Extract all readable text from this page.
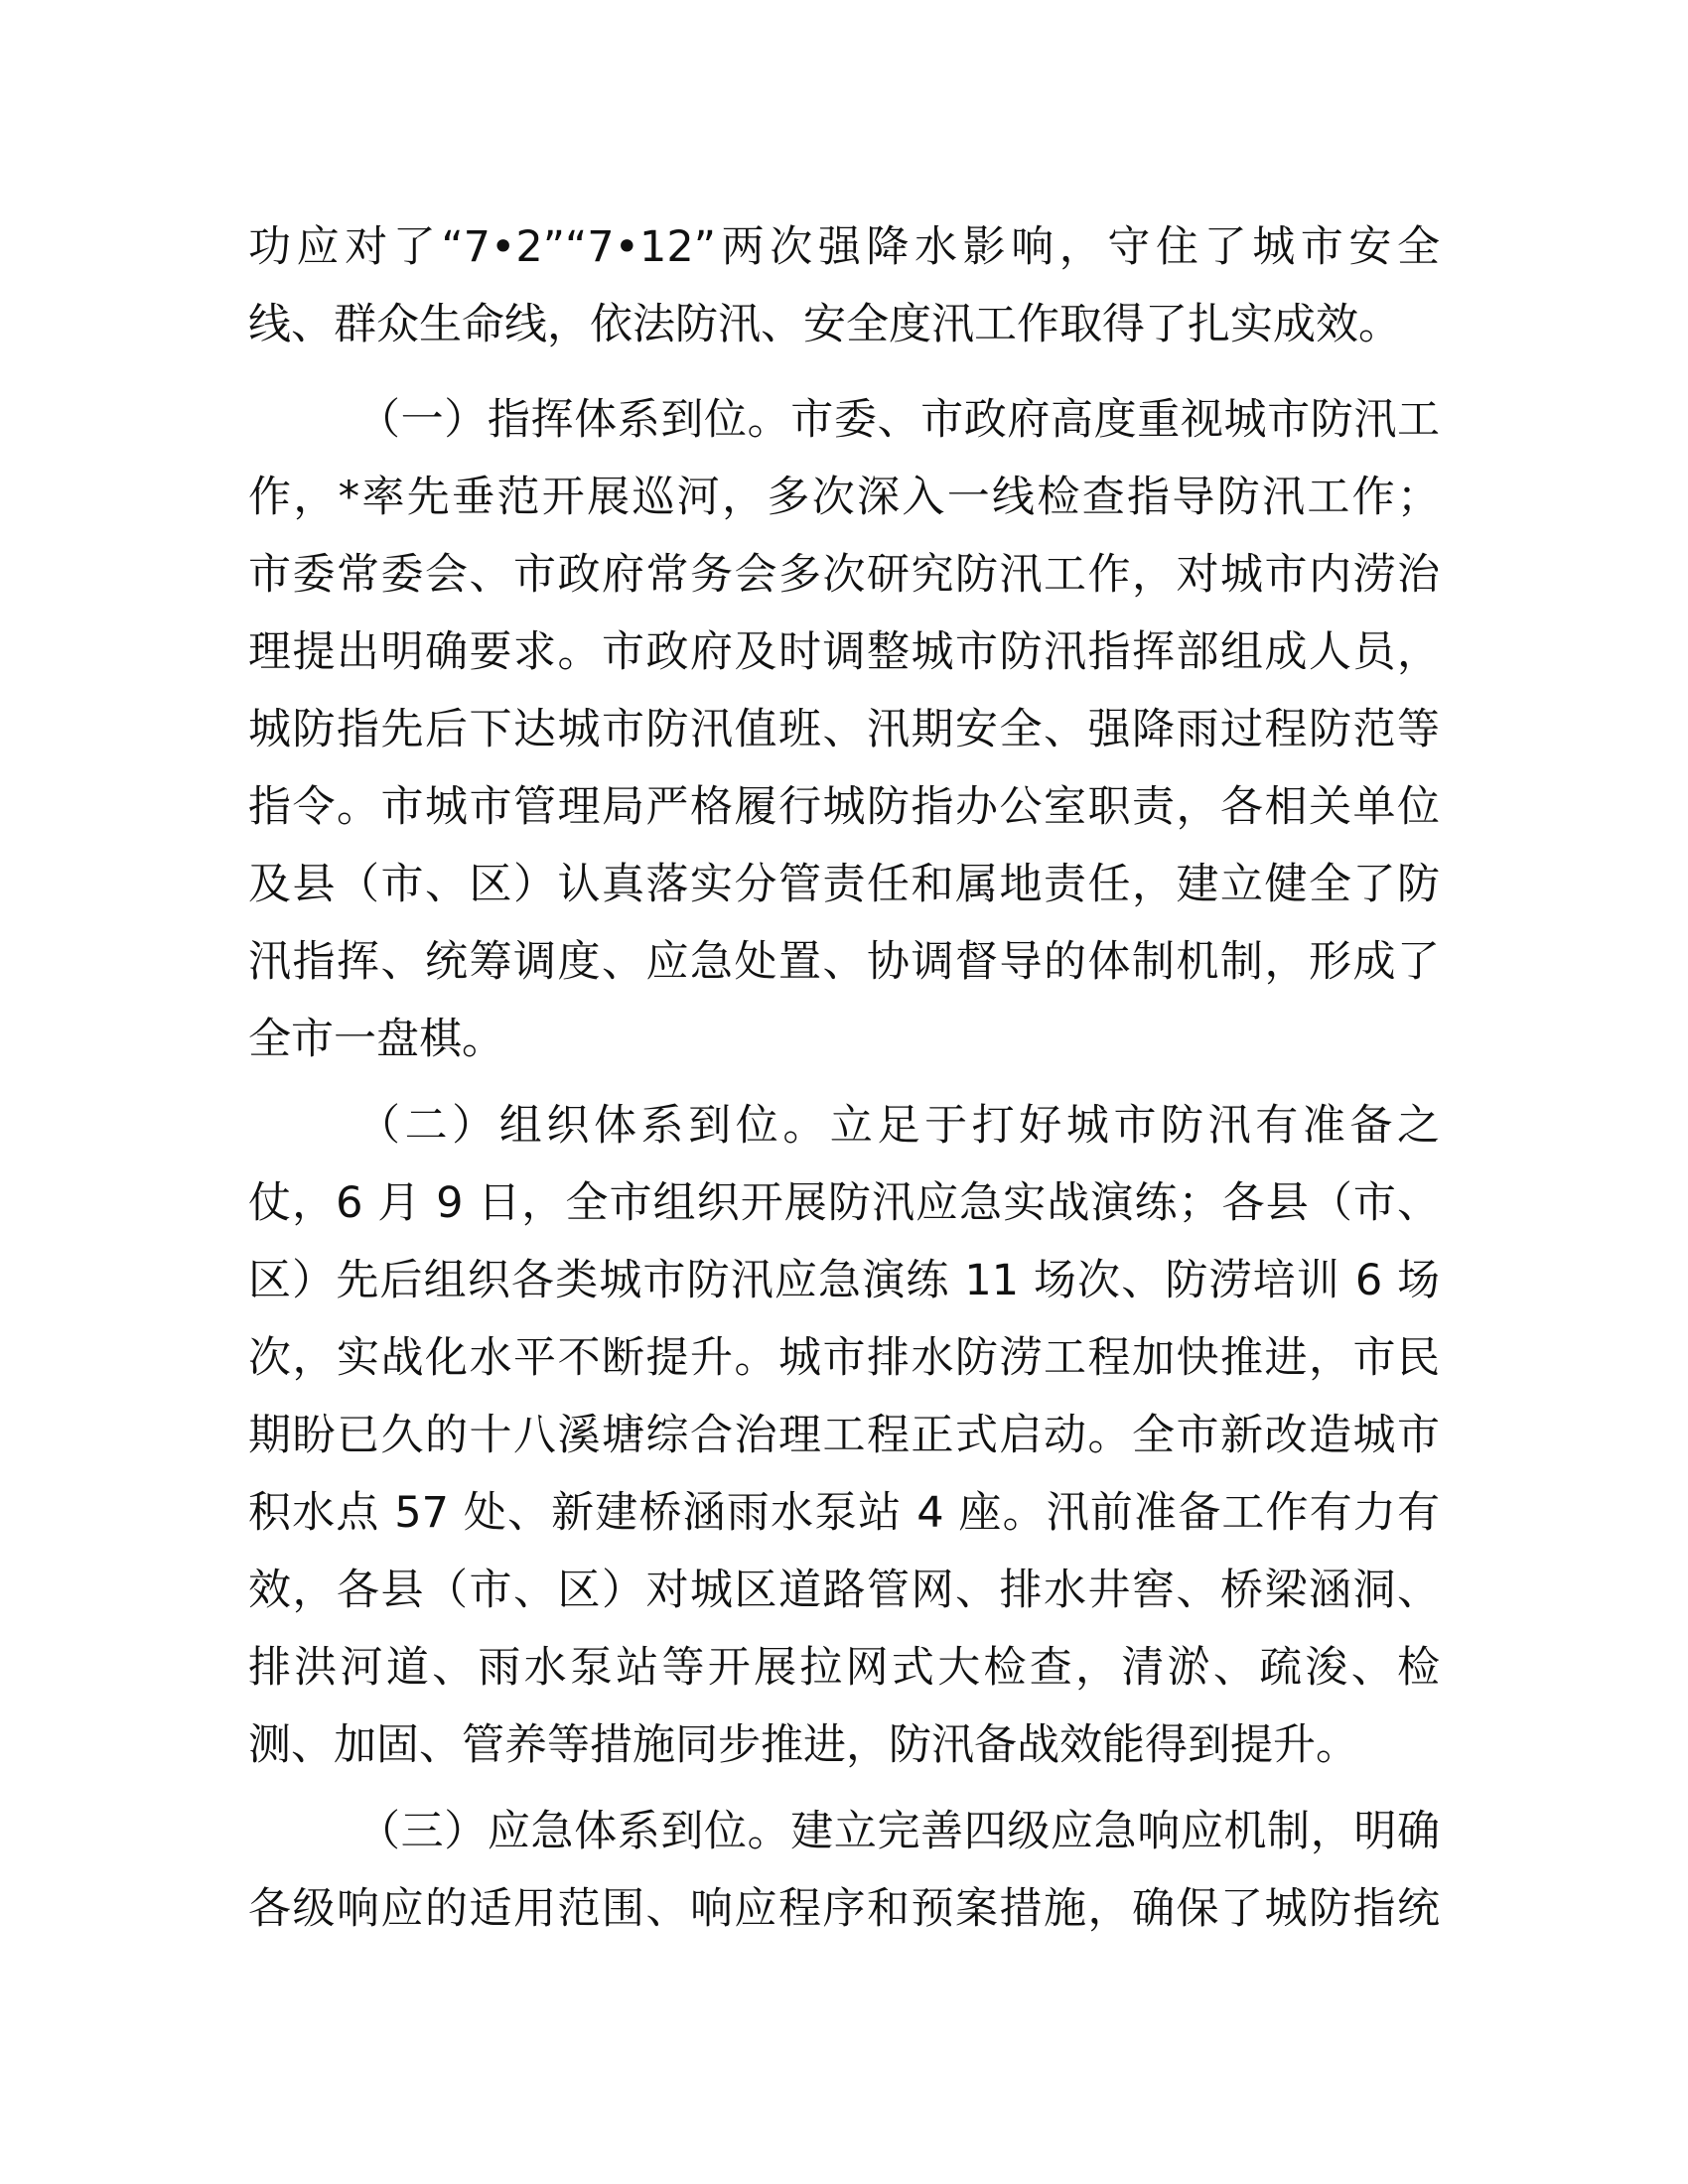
功应对了“7•2”“7•12”两次强降水影响，守住了城市安全
线、群众生命线，依法防汛、安全度汛工作取得了扎实成效。
（一）指挥体系到位。市委、市政府高度重视城市防汛工
作，*率先垂范开展巡河，多次深入一线检查指导防汛工作；
市委常委会、市政府常务会多次研究防汛工作，对城市内涝治
理提出明确要求。市政府及时调整城市防汛指挥部组成人员，
城防指先后下达城市防汛值班、汛期安全、强降雨过程防范等
指令。市城市管理局严格履行城防指办公室职责，各相关单位
及县（市、区）认真落实分管责任和属地责任，建立健全了防
汛指挥、统筹调度、应急处置、协调督导的体制机制，形成了
全市一盘棋。
（二）组织体系到位。立足于打好城市防汛有准备之
仗，6 月 9 日，全市组织开展防汛应急实战演练；各县（市、
区）先后组织各类城市防汛应急演练 11 场次、防涝培训 6 场
次，实战化水平不断提升。城市排水防涝工程加快推进，市民
期盼已久的十八溪塘综合治理工程正式启动。全市新改造城市
积水点 57 处、新建桥涵雨水泵站 4 座。汛前准备工作有力有
效，各县（市、区）对城区道路管网、排水井窖、桥梁涵洞、
排洪河道、雨水泵站等开展拉网式大检查，清淤、疏浚、检
测、加固、管养等措施同步推进，防汛备战效能得到提升。
（三）应急体系到位。建立完善四级应急响应机制，明确
各级响应的适用范围、响应程序和预案措施，确保了城防指统
